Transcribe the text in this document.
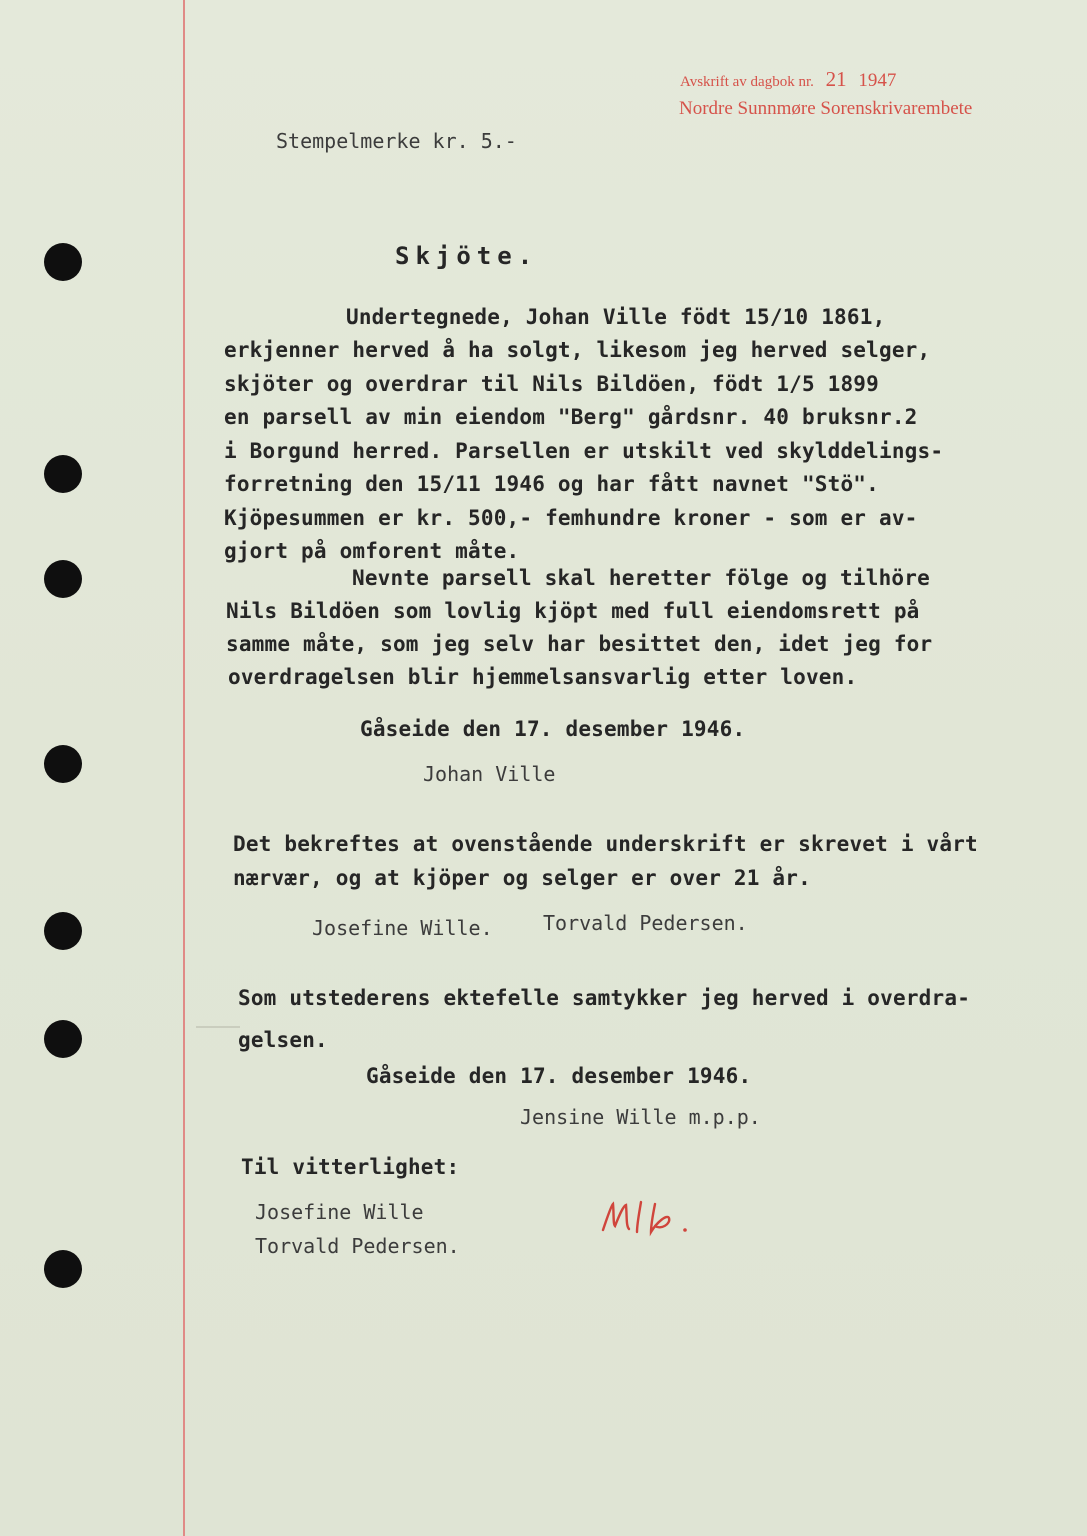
Avskrift av dagbok nr. 21 1947
Nordre Sunnmøre Sorenskrivarembete
Stempelmerke kr. 5.-
Skjöte.
Undertegnede, Johan Ville födt 15/10 1861,
erkjenner herved å ha solgt, likesom jeg herved selger,
skjöter og overdrar til Nils Bildöen, födt 1/5 1899
en parsell av min eiendom "Berg" gårdsnr. 40 bruksnr.2
i Borgund herred. Parsellen er utskilt ved skylddelings-
forretning den 15/11 1946 og har fått navnet "Stö".
Kjöpesummen er kr. 500,- femhundre kroner - som er av-
gjort på omforent måte.
Nevnte parsell skal heretter fölge og tilhöre
Nils Bildöen som lovlig kjöpt med full eiendomsrett på
samme måte, som jeg selv har besittet den, idet jeg for
overdragelsen blir hjemmelsansvarlig etter loven.
Gåseide den 17. desember 1946.
Johan Ville
Det bekreftes at ovenstående underskrift er skrevet i vårt
nærvær, og at kjöper og selger er over 21 år.
Josefine Wille.	Torvald Pedersen.
Som utstederens ektefelle samtykker jeg herved i overdra-
gelsen.
Gåseide den 17. desember 1946.
Jensine Wille m.p.p.
Til vitterlighet:
Josefine Wille
Torvald Pedersen.
